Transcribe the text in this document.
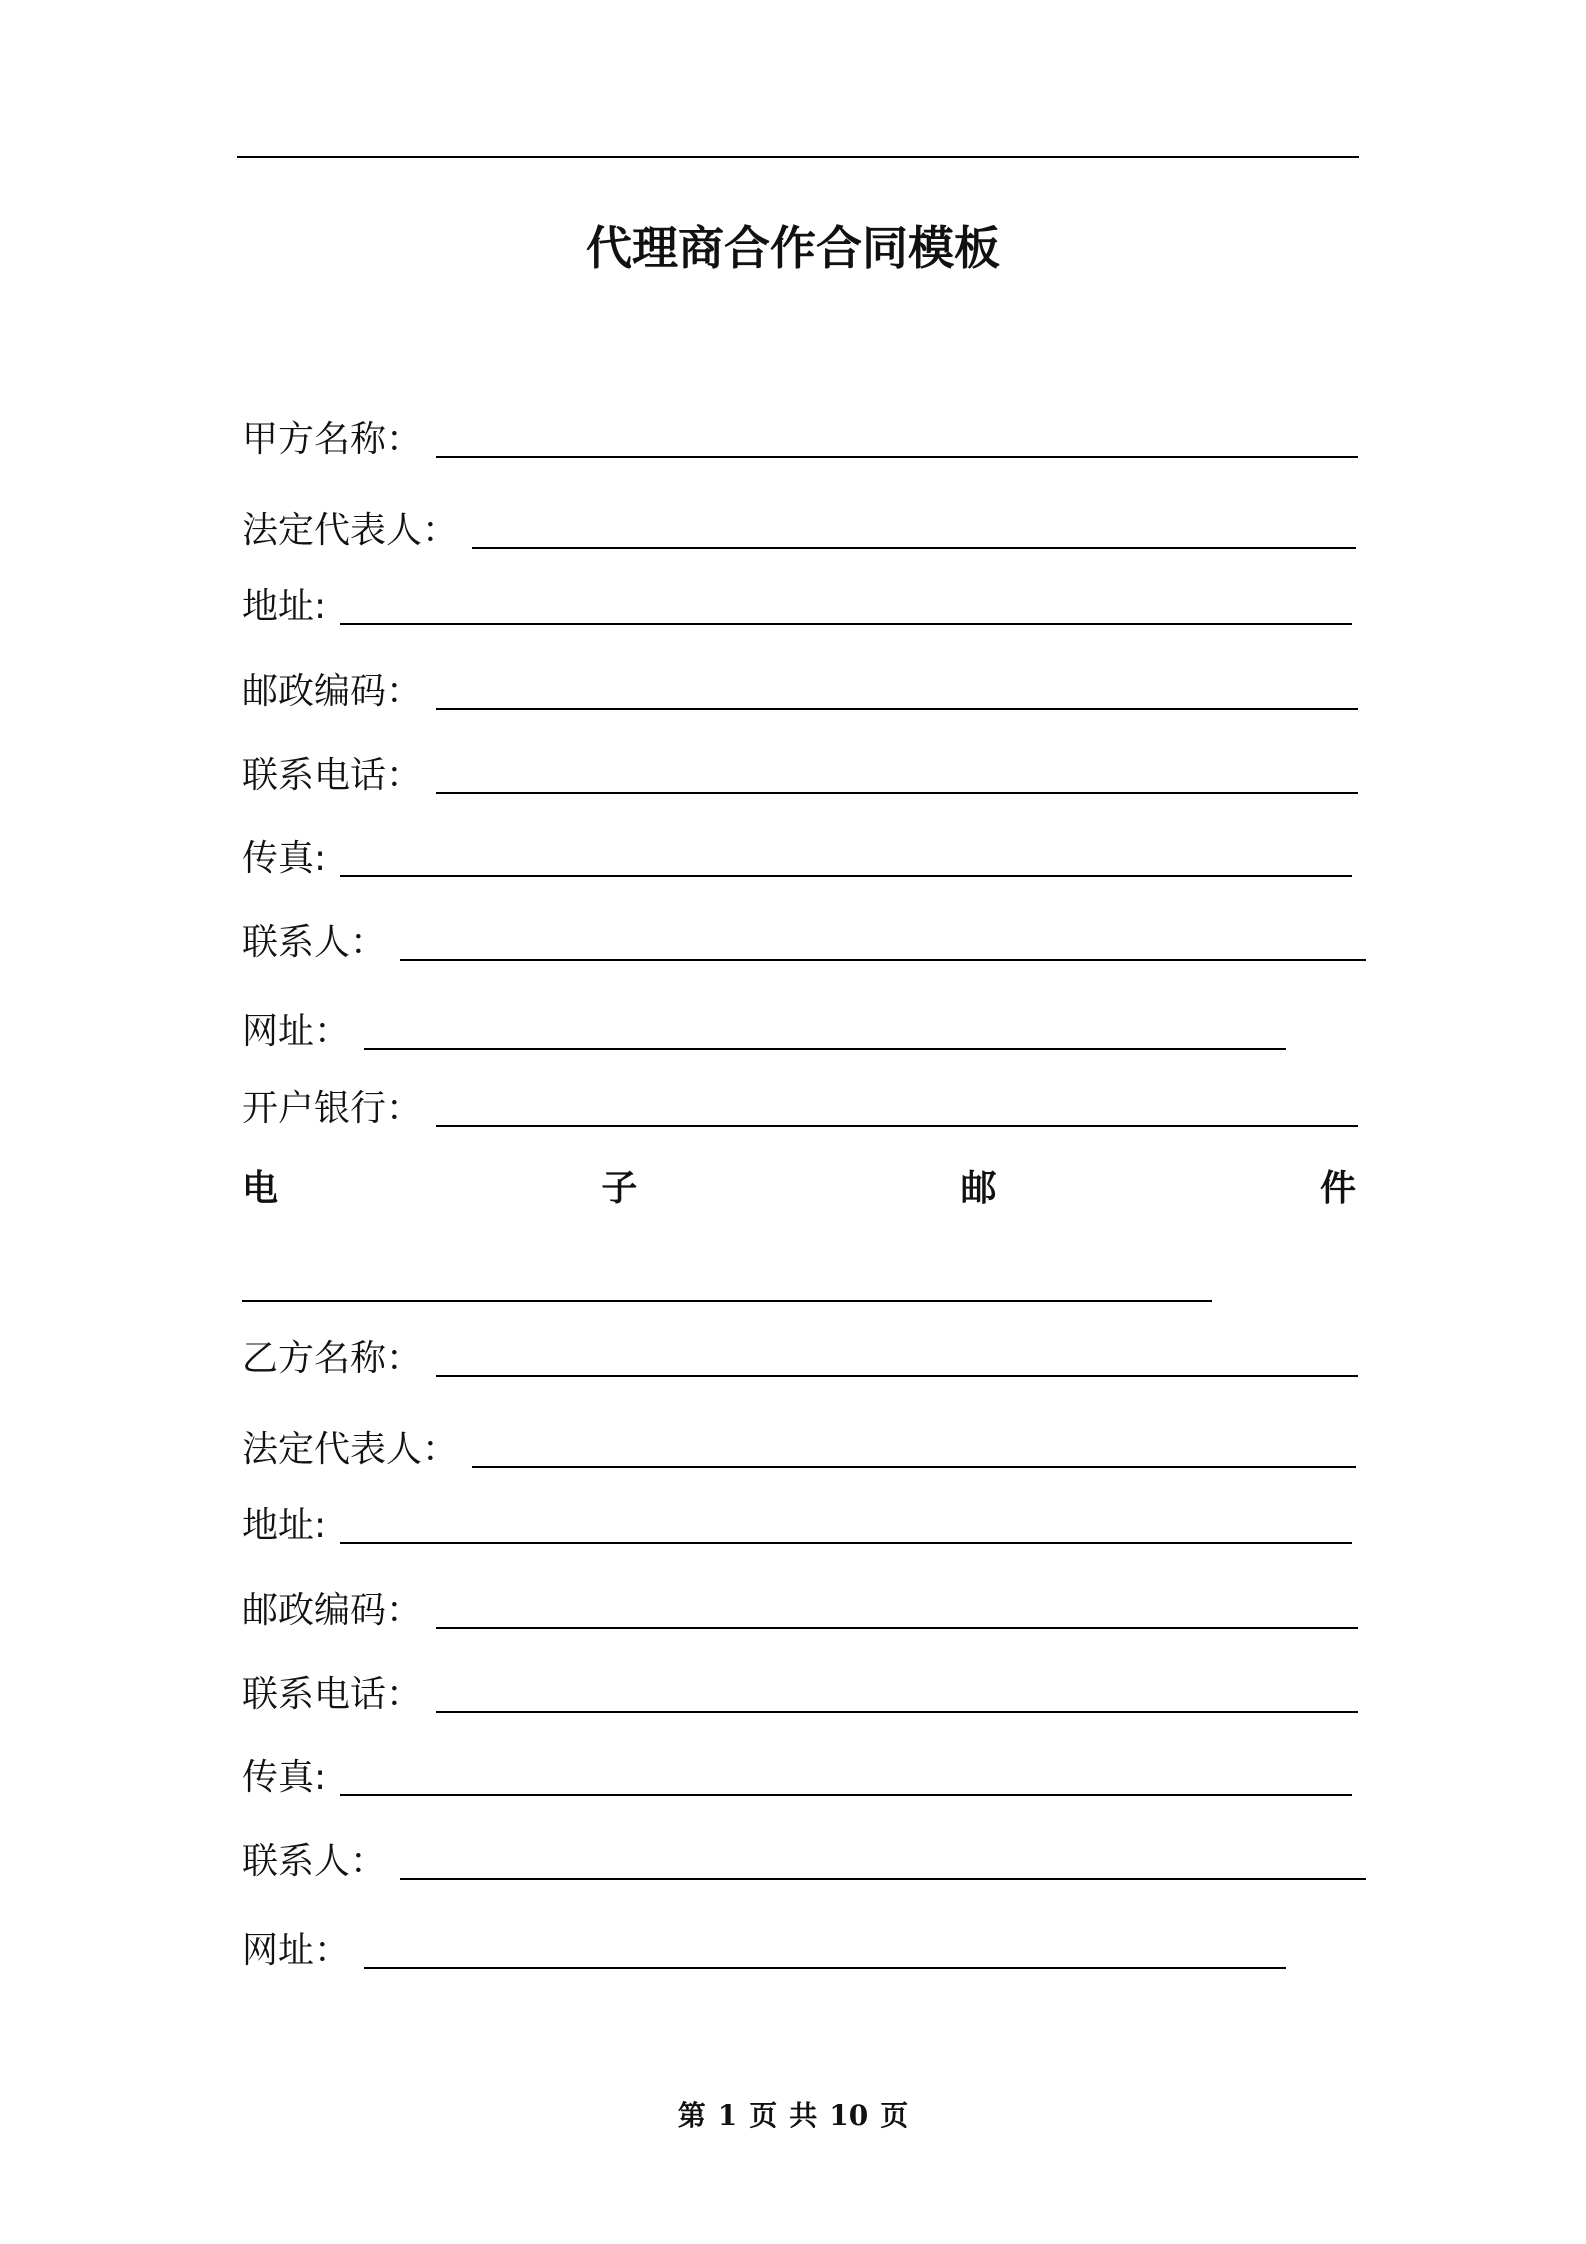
代理商合作合同模板
甲方名称：
法定代表人：
地址:
邮政编码：
联系电话：
传真:
联系人：
网址：
开户银行：
电	子	邮	件
乙方名称：
法定代表人：
地址:
邮政编码：
联系电话：
传真:
联系人：
网址：
第 1 页 共 10 页
